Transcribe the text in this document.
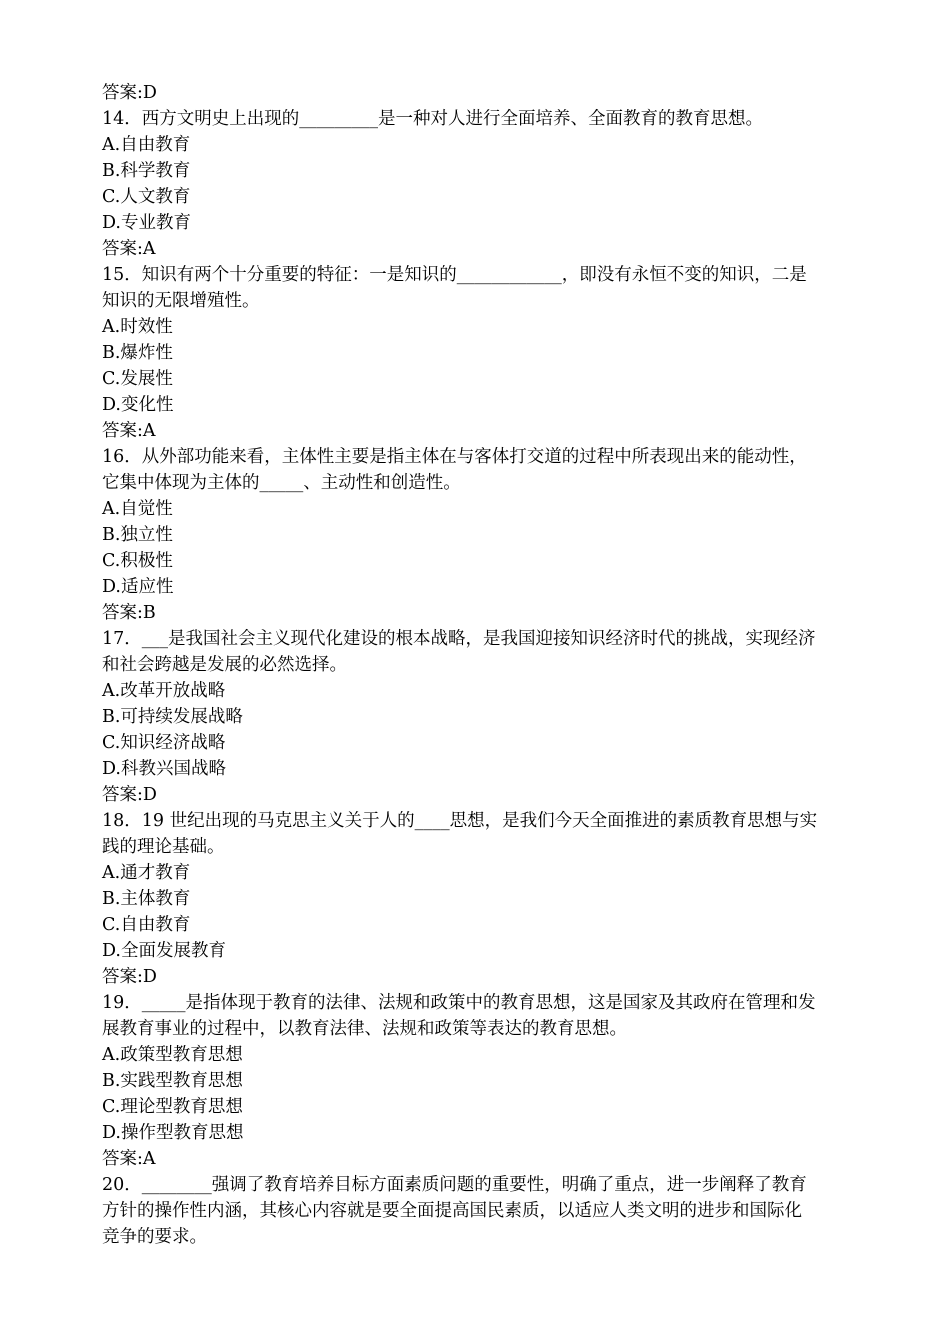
答案:D
14．西方文明史上出现的_________是一种对人进行全面培养、全面教育的教育思想。
A.自由教育
B.科学教育
C.人文教育
D.专业教育
答案:A
15．知识有两个十分重要的特征：一是知识的____________，即没有永恒不变的知识，二是
知识的无限增殖性。
A.时效性
B.爆炸性
C.发展性
D.变化性
答案:A
16．从外部功能来看，主体性主要是指主体在与客体打交道的过程中所表现出来的能动性，
它集中体现为主体的_____、主动性和创造性。
A.自觉性
B.独立性
C.积极性
D.适应性
答案:B
17．___是我国社会主义现代化建设的根本战略，是我国迎接知识经济时代的挑战，实现经济
和社会跨越是发展的必然选择。
A.改革开放战略
B.可持续发展战略
C.知识经济战略
D.科教兴国战略
答案:D
18．19 世纪出现的马克思主义关于人的____思想，是我们今天全面推进的素质教育思想与实
践的理论基础。
A.通才教育
B.主体教育
C.自由教育
D.全面发展教育
答案:D
19．_____是指体现于教育的法律、法规和政策中的教育思想，这是国家及其政府在管理和发
展教育事业的过程中，以教育法律、法规和政策等表达的教育思想。
A.政策型教育思想
B.实践型教育思想
C.理论型教育思想
D.操作型教育思想
答案:A
20．________强调了教育培养目标方面素质问题的重要性，明确了重点，进一步阐释了教育
方针的操作性内涵，其核心内容就是要全面提高国民素质，以适应人类文明的进步和国际化
竞争的要求。
